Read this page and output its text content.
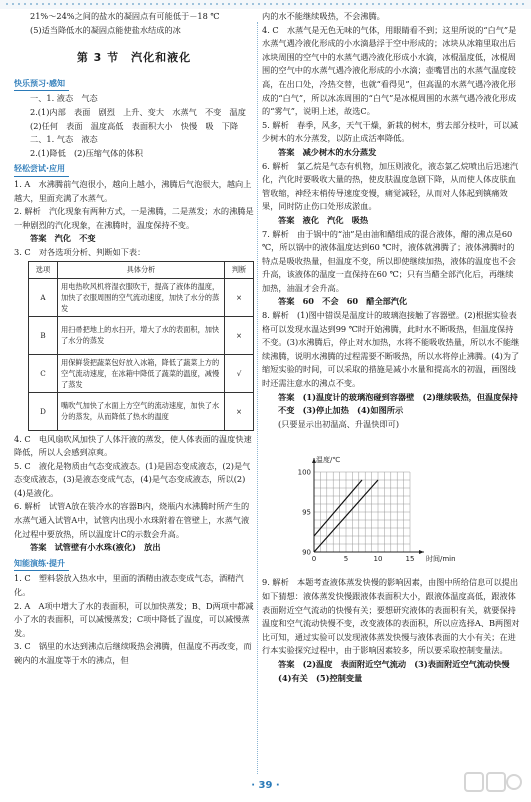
21%～24%之间的盐水的凝固点有可能低于－18 ℃

(5)适当降低水的凝固点能使盐水结成的冰

第 3 节　汽化和液化
快乐预习·感知

一、1. 液态　气态

2.(1)内部　表面　剧烈　上升、变大　水蒸气　不变　温度　(2)任何　表面　温度高低　表面积大小　快慢　吸　下降

二、1. 气态　液态

2.(1)降低　(2)压缩气体的体积

轻松尝试·应用

1. A　水沸腾前气泡很小，越向上越小，沸腾后气泡很大，越向上越大，里面充满了水蒸气。

2. 解析　汽化现象有两种方式，一是沸腾，二是蒸发；水的沸腾是一种剧烈的汽化现象，在沸腾时，温度保持不变。

答案　汽化　不变

3. C　对各选项分析、判断如下表：

选项	具体分析	判断
A	用电热吹风机将湿衣服吹干，提高了液体的温度，加快了衣服周围的空气流动速度，加快了水分的蒸发	×
B	用扫帚把地上的水扫开，增大了水的表面积，加快了水分的蒸发	×
C	用保鲜袋把蔬菜包好放入冰箱，降低了蔬菜上方的空气流动速度，在冰箱中降低了蔬菜的温度，减慢了蒸发	√
D	嘴吹气加快了水面上方空气的流动速度，加快了水分的蒸发，从而降低了热水的温度	×

4. C　电风扇吹风加快了人体汗液的蒸发，使人体表面的温度快速降低，所以人会感到凉爽。

5. C　液化是物质由气态变成液态。(1)是固态变成液态，(2)是气态变成液态，(3)是液态变成气态，(4)是气态变成液态，所以(2)(4)是液化。

6. 解析　试管A放在装冷水的容器B内，烧瓶内水沸腾时所产生的水蒸气通入试管A中，试管内出现小水珠附着在管壁上，水蒸气液化过程中要放热，所以温度计C的示数会升高。

答案　试管壁有小水珠(液化)　放出

知能演练·提升

1. C　塑料袋放入热水中，里面的酒精由液态变成气态，酒精汽化。

2. A　A项中增大了水的表面积，可以加快蒸发；B、D两项中都减小了水的表面积，可以减慢蒸发；C项中降低了温度，可以减慢蒸发。

3. C　锅里的水达到沸点后继续吸热会沸腾，但温度不再改变，而碗内的水温度等于水的沸点，但

内的水不能继续吸热，不会沸腾。

4. C　水蒸气是无色无味的气体，用眼睛看不到；这里所说的“白气”是水蒸气遇冷液化形成的小水滴悬浮于空中形成的；冰块从冰箱里取出后冰块周围的空气中的水蒸气遇冷液化形成小水滴，冰棍温度低，冰棍周围的空气中的水蒸气遇冷液化形成的小水滴；壶嘴冒出的水蒸气温度较高，在出口处，冷热交替，也就“看得见”，但高温的水蒸气遇冷液化形成的“白气”，所以冰冻周围的“白气”是冰棍周围的水蒸气遇冷液化形成的“雾气”，说明上述，故选C。

5. 解析　春季，风多，天气干燥，新栽的树木，剪去部分枝叶，可以减少树木的水分蒸发，以防止成活率降低。

答案　减少树木的水分蒸发

6. 解析　氯乙烷是气态有机物，加压则液化，液态氯乙烷喷出后迅速汽化，汽化时要吸收大量的热，使皮肤温度急剧下降，从而使人体皮肤血管收缩，神经末梢传导速度变慢，痛觉减轻，从而对人体起到镇痛效果，同时防止伤口处形成淤血。

答案　液化　汽化　吸热

7. 解析　由于锅中的“油”是由油和醋组成的混合液体，醋的沸点是60 ℃，所以锅中的液体温度达到60 ℃时，液体就沸腾了；液体沸腾时的特点是吸收热量，但温度不变，所以即使继续加热，液体的温度也不会升高，该液体的温度一直保持在60 ℃；只有当醋全部汽化后，再继续加热，油温才会升高。

答案　60　不会　60　醋全部汽化

8. 解析　(1)图中错误是温度计的玻璃泡接触了容器壁。(2)根据实验表格可以发现水温达到99 ℃时开始沸腾，此时水不断吸热，但温度保持不变。(3)水沸腾后，停止对水加热，水将不能吸收热量，所以水不能继续沸腾，说明水沸腾的过程需要不断吸热，所以水将停止沸腾。(4)为了缩短实验的时间，可以采取的措施是减小水量和提高水的初温，画图线时还需注意水的沸点不变。

答案　(1)温度计的玻璃泡碰到容器壁　(2)继续吸热，但温度保持不变　(3)停止加热　(4)如图所示

(只要显示出初温高、升温快即可)

0	5	10	15
90
95
100
温度/℃
时间/min

9. 解析　本题考查液体蒸发快慢的影响因素，由图中所给信息可以提出如下猜想：液体蒸发快慢跟液体表面积大小，跟液体温度高低，跟液体表面附近空气流动的快慢有关；要想研究液体的表面积有关，就要保持温度和空气流动快慢不变，改变液体的表面积，所以应选择A、B两图对比可知，通过实验可以发现液体蒸发快慢与液体表面的大小有关；在进行本实验探究过程中，由于影响因素较多，所以要采取控制变量法。

答案　(2)温度　表面附近空气流动　(3)表面附近空气流动快慢　(4)有关　(5)控制变量

· 39 ·
